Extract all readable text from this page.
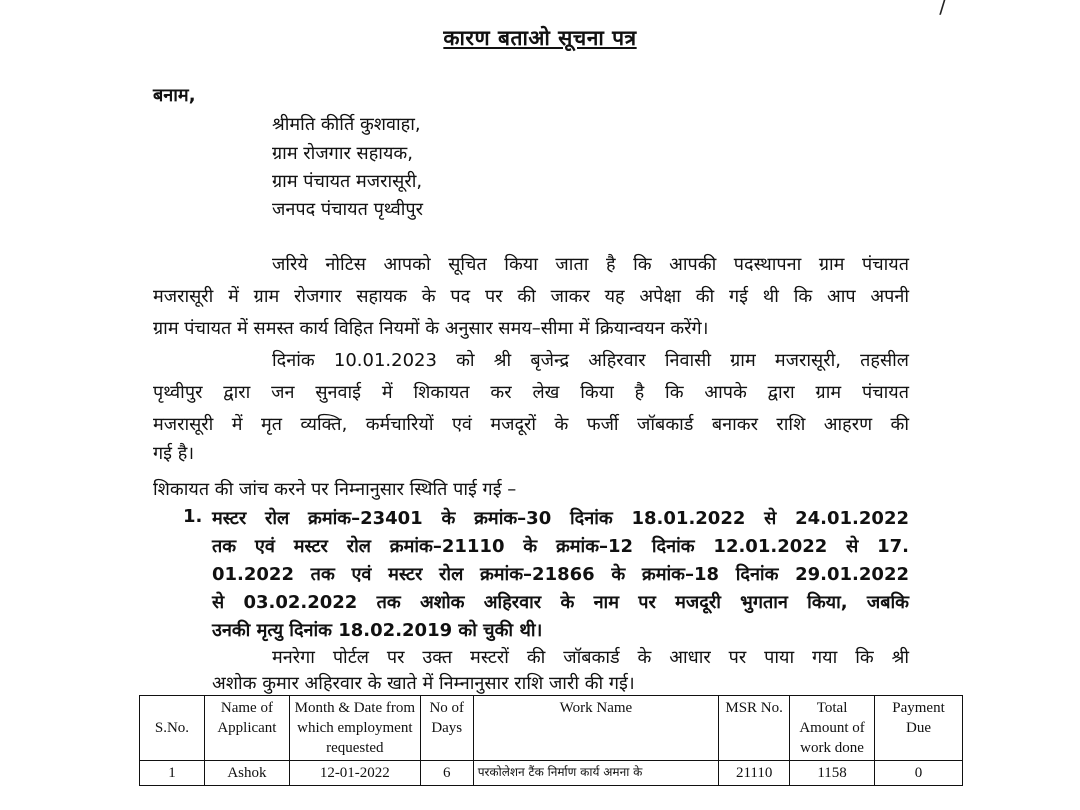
/
कारण बताओ सूचना पत्र
बनाम,
श्रीमति कीर्ति कुशवाहा,
ग्राम रोजगार सहायक,
ग्राम पंचायत मजरासूरी,
जनपद पंचायत पृथ्वीपुर
जरिये नोटिस आपको सूचित किया जाता है कि आपकी पदस्थापना ग्राम पंचायत
मजरासूरी में ग्राम रोजगार सहायक के पद पर की जाकर यह अपेक्षा की गई थी कि आप अपनी
ग्राम पंचायत में समस्त कार्य विहित नियमों के अनुसार समय–सीमा में क्रियान्वयन करेंगे।
दिनांक 10.01.2023 को श्री बृजेन्द्र अहिरवार निवासी ग्राम मजरासूरी, तहसील
पृथ्वीपुर द्वारा जन सुनवाई में शिकायत कर लेख किया है कि आपके द्वारा ग्राम पंचायत
मजरासूरी में मृत व्यक्ति, कर्मचारियों एवं मजदूरों के फर्जी जॉबकार्ड बनाकर राशि आहरण की
गई है।
शिकायत की जांच करने पर निम्नानुसार स्थिति पाई गई –
1. मस्टर रोल क्रमांक–23401 के क्रमांक–30 दिनांक 18.01.2022 से 24.01.2022
तक एवं मस्टर रोल क्रमांक–21110 के क्रमांक–12 दिनांक 12.01.2022 से 17.
01.2022 तक एवं मस्टर रोल क्रमांक–21866 के क्रमांक–18 दिनांक 29.01.2022
से 03.02.2022 तक अशोक अहिरवार के नाम पर मजदूरी भुगतान किया, जबकि
उनकी मृत्यु दिनांक 18.02.2019 को चुकी थी।
मनरेगा पोर्टल पर उक्त मस्टरों की जॉबकार्ड के आधार पर पाया गया कि श्री
अशोक कुमार अहिरवार के खाते में निम्नानुसार राशि जारी की गई।
S.No.	Name of Applicant	Month & Date from which employment requested	No of Days	Work Name	MSR No.	Total Amount of work done	Payment Due
1	Ashok	12-01-2022	6	परकोलेशन टैंक निर्माण कार्य अमना के	21110	1158	0
